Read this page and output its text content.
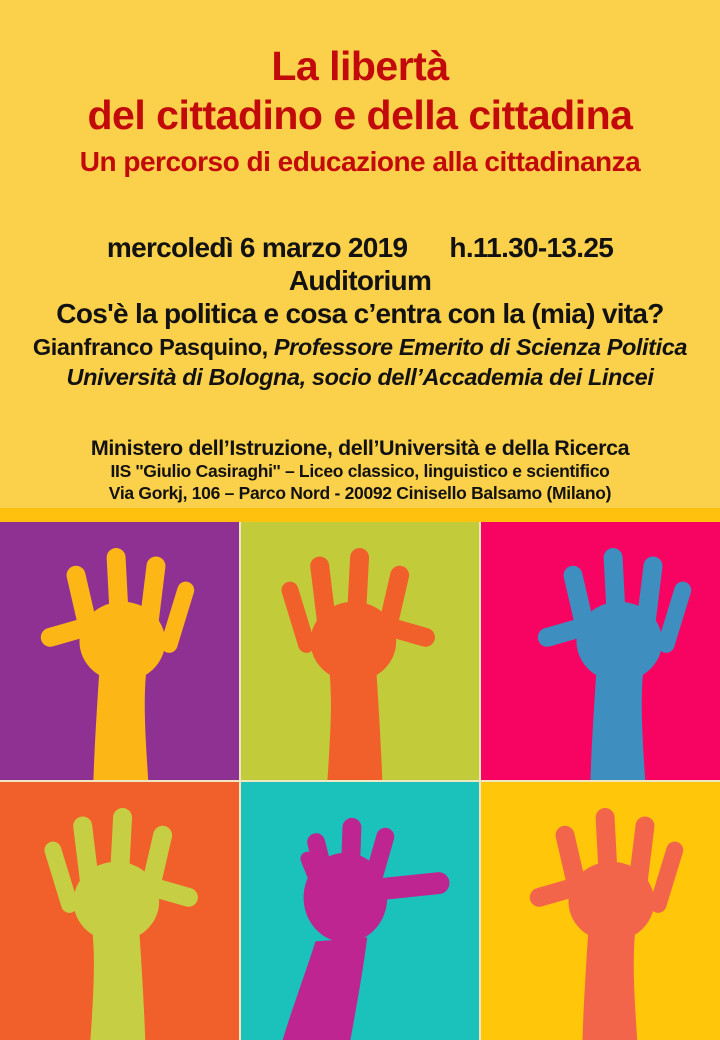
La libertà
del cittadino e della cittadina
Un percorso di educazione alla cittadinanza
mercoledì 6 marzo 2019 h.11.30-13.25
Auditorium
Cos'è la politica e cosa c’entra con la (mia) vita?
Gianfranco Pasquino, Professore Emerito di Scienza Politica
Università di Bologna, socio dell’Accademia dei Lincei
Ministero dell’Istruzione, dell’Università e della Ricerca
IIS ''Giulio Casiraghi'' – Liceo classico, linguistico e scientifico
Via Gorkj, 106 – Parco Nord - 20092 Cinisello Balsamo (Milano)
